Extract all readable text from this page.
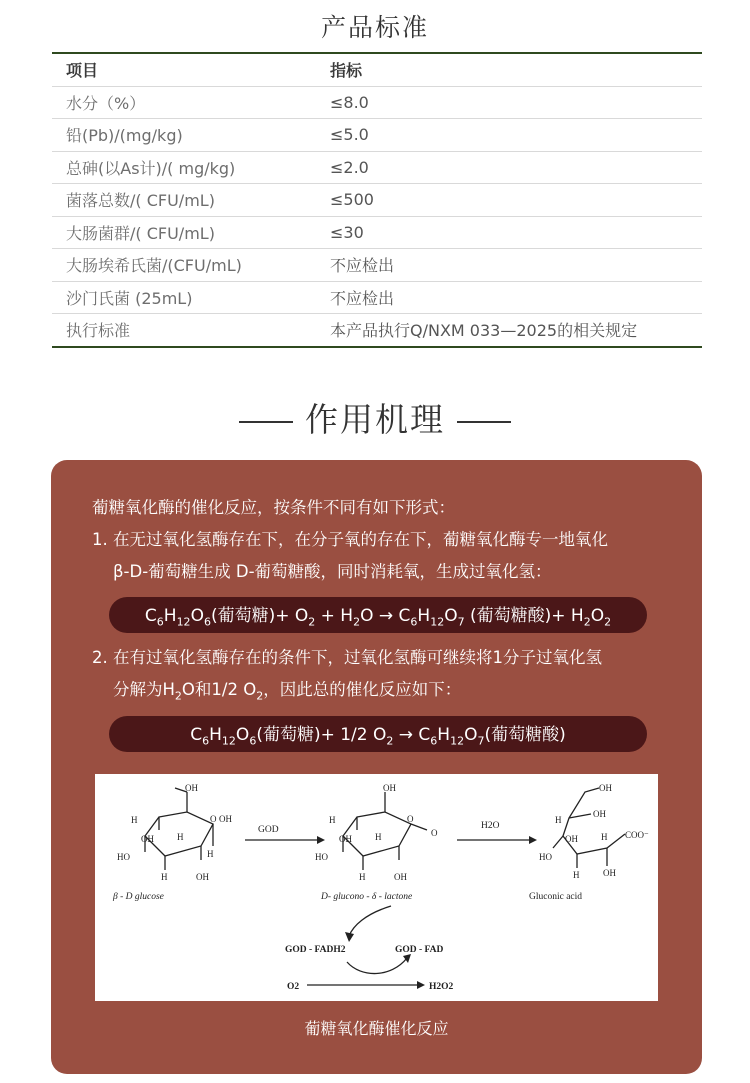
产品标准
项目	指标
水分（%）	≤8.0
铅(Pb)/(mg/kg)	≤5.0
总砷(以As计)/( mg/kg)	≤2.0
菌落总数/( CFU/mL)	≤500
大肠菌群/( CFU/mL)	≤30
大肠埃希氏菌/(CFU/mL)	不应检出
沙门氏菌 (25mL)	不应检出
执行标准	本产品执行Q/NXM 033—2025的相关规定
作用机理
葡糖氧化酶的催化反应，按条件不同有如下形式：
1. 在无过氧化氢酶存在下，在分子氧的存在下，葡糖氧化酶专一地氧化
β-D-葡萄糖生成 D-葡萄糖酸，同时消耗氧，生成过氧化氢：
$C_6H_{12}O_6$(葡萄糖)+ $O_2 + H_2O \to C_6H_{12}O_7$ (葡萄糖酸)+ $H_2O_2$
2. 在有过氧化氢酶存在的条件下，过氧化氢酶可继续将1分子过氧化氢
分解为$H_2O$和1/2 $O_2$，因此总的催化反应如下：
$C_6H_{12}O_6$(葡萄糖)+ 1/2 $O_2 \to C_6H_{12}O_7$(葡萄糖酸)
OH
H	O OH
OH	H
HO	H
H	OH
β - D glucose
GOD
OH
H	O
O
OH	H
HO
H	OH
D- glucono - δ - lactone
H2O
OH
H
OH
OH	H COO⁻
HO
H	OH
Gluconic acid
GOD - FADH2	GOD - FAD
O2	H2O2
葡糖氧化酶催化反应
